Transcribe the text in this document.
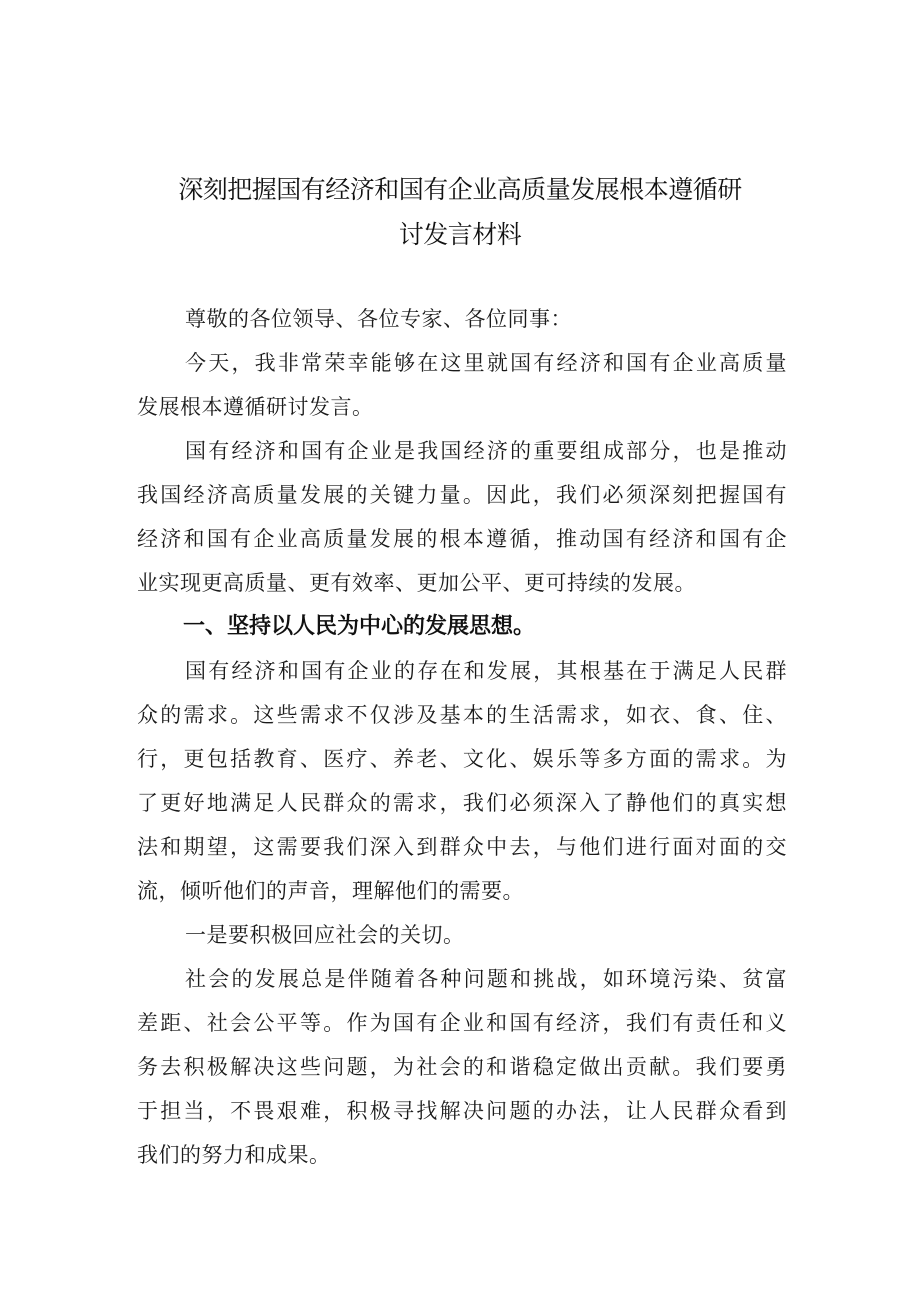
深刻把握国有经济和国有企业高质量发展根本遵循研
讨发言材料
尊敬的各位领导、各位专家、各位同事：
今天，我非常荣幸能够在这里就国有经济和国有企业高质量
发展根本遵循研讨发言。
国有经济和国有企业是我国经济的重要组成部分，也是推动
我国经济高质量发展的关键力量。因此，我们必须深刻把握国有
经济和国有企业高质量发展的根本遵循，推动国有经济和国有企
业实现更高质量、更有效率、更加公平、更可持续的发展。
一、坚持以人民为中心的发展思想。
国有经济和国有企业的存在和发展，其根基在于满足人民群
众的需求。这些需求不仅涉及基本的生活需求，如衣、食、住、
行，更包括教育、医疗、养老、文化、娱乐等多方面的需求。为
了更好地满足人民群众的需求，我们必须深入了静他们的真实想
法和期望，这需要我们深入到群众中去，与他们进行面对面的交
流，倾听他们的声音，理解他们的需要。
一是要积极回应社会的关切。
社会的发展总是伴随着各种问题和挑战，如环境污染、贫富
差距、社会公平等。作为国有企业和国有经济，我们有责任和义
务去积极解决这些问题，为社会的和谐稳定做出贡献。我们要勇
于担当，不畏艰难，积极寻找解决问题的办法，让人民群众看到
我们的努力和成果。
